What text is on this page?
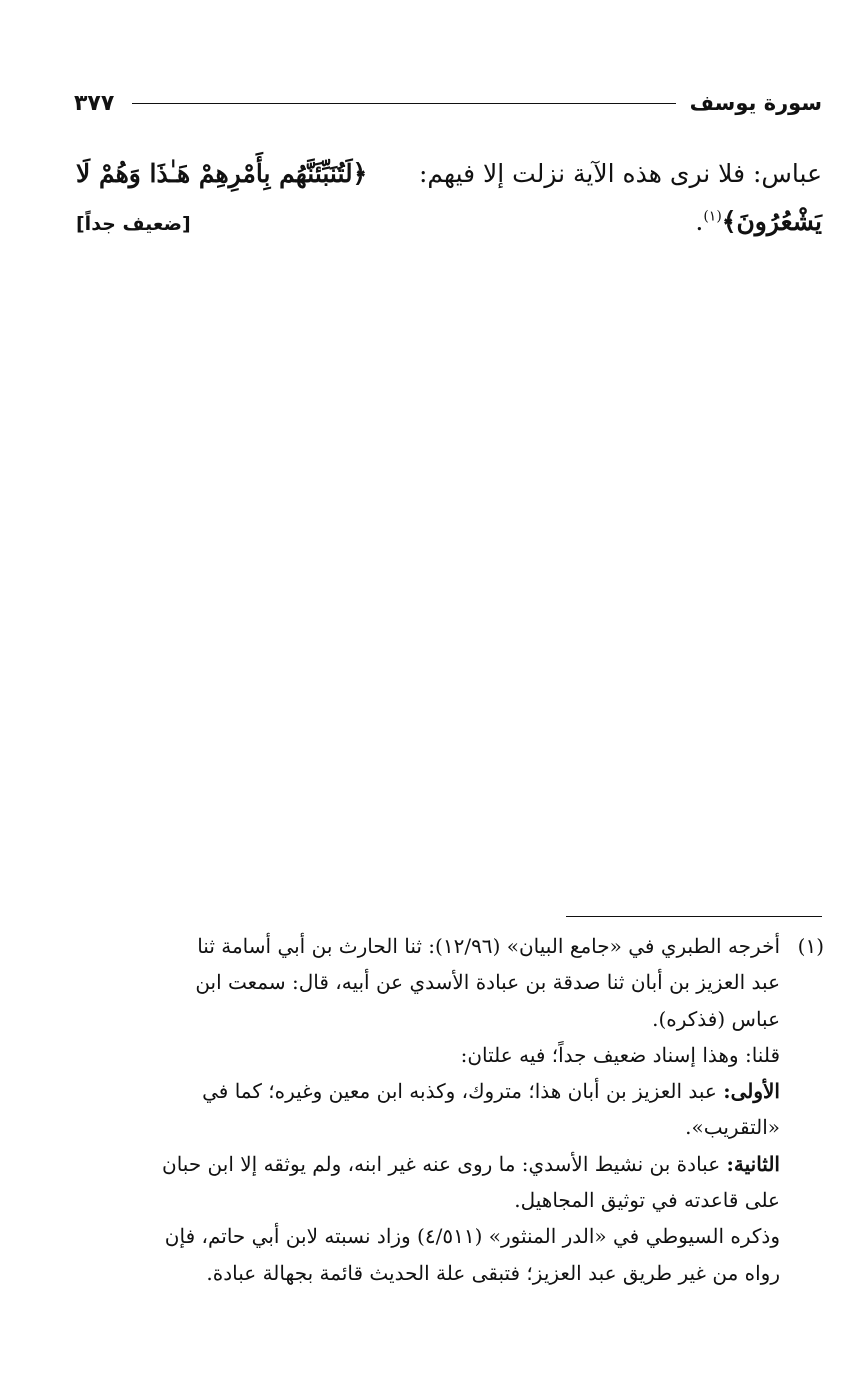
سورة يوسف
٣٧٧
عباس: فلا نرى هذه الآية نزلت إلا فيهم:
﴿لَتُنَبِّئَنَّهُم بِأَمْرِهِمْ هَـٰذَا وَهُمْ لَا
يَشْعُرُونَ﴾$^{(١)}$.
[ضعيف جداً]
(١)
أخرجه الطبري في «جامع البيان» (١٢/٩٦): ثنا الحارث بن أبي أسامة ثنا
عبد العزيز بن أبان ثنا صدقة بن عبادة الأسدي عن أبيه، قال: سمعت ابن
عباس (فذكره).
قلنا: وهذا إسناد ضعيف جداً؛ فيه علتان:
الأولى: عبد العزيز بن أبان هذا؛ متروك، وكذبه ابن معين وغيره؛ كما في
«التقريب».
الثانية: عبادة بن نشيط الأسدي: ما روى عنه غير ابنه، ولم يوثقه إلا ابن حبان
على قاعدته في توثيق المجاهيل.
وذكره السيوطي في «الدر المنثور» (٤/٥١١) وزاد نسبته لابن أبي حاتم، فإن
رواه من غير طريق عبد العزيز؛ فتبقى علة الحديث قائمة بجهالة عبادة.
